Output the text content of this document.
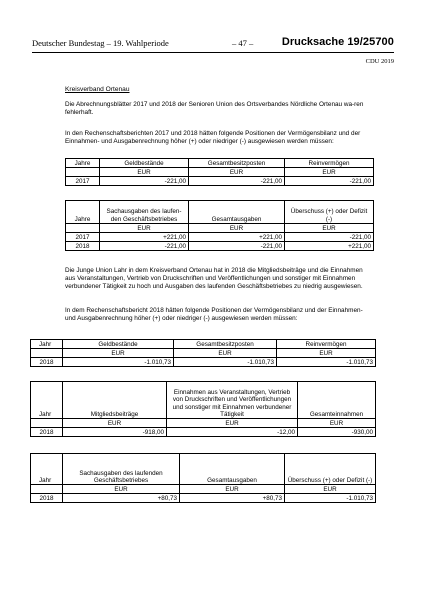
Deutscher Bundestag – 19. Wahlperiode	– 47 –	Drucksache 19/25700
CDU 2019
Kreisverband Ortenau
Die Abrechnungsblätter 2017 und 2018 der Senioren Union des Ortsverbandes Nördliche Ortenau wa-ren fehlerhaft.
In den Rechenschaftsberichten 2017 und 2018 hätten folgende Positionen der Vermögensbilanz und der Einnahmen- und Ausgabenrechnung höher (+) oder niedriger (-) ausgewiesen werden müssen:
Jahre	Geldbestände	Gesamtbesitzposten	Reinvermögen
	EUR	EUR	EUR
2017	-221,00	-221,00	-221,00
Jahre	Sachausgaben des laufen-den Geschäftsbetriebes	Gesamtausgaben	Überschuss (+) oder Defizit (-)
	EUR	EUR	EUR
2017	+221,00	+221,00	-221,00
2018	-221,00	-221,00	+221,00
Die Junge Union Lahr in dem Kreisverband Ortenau hat in 2018 die Mitgliedsbeiträge und die Einnahmen aus Veranstaltungen, Vertrieb von Druckschriften und Veröffentlichungen und sonstiger mit Einnahmen verbundener Tätigkeit zu hoch und Ausgaben des laufenden Geschäftsbetriebes zu niedrig ausgewiesen.
In dem Rechenschaftsbericht 2018 hätten folgende Positionen der Vermögensbilanz und der Einnahmen- und Ausgabenrechnung höher (+) oder niedriger (-) ausgewiesen werden müssen:
Jahr	Geldbestände	Gesamtbesitzposten	Reinvermögen
	EUR	EUR	EUR
2018	-1.010,73	-1.010,73	-1.010,73
Jahr	Mitgliedsbeiträge	Einnahmen aus Veranstaltungen, Vertrieb von Druckschriften und Veröffentlichungen und sonstiger mit Einnahmen verbundener Tätigkeit	Gesamteinnahmen
	EUR	EUR	EUR
2018	-918,00	-12,00	-930,00
Jahr	Sachausgaben des laufenden Geschäftsbetriebes	Gesamtausgaben	Überschuss (+) oder Defizit (-)
	EUR	EUR	EUR
2018	+80,73	+80,73	-1.010,73
